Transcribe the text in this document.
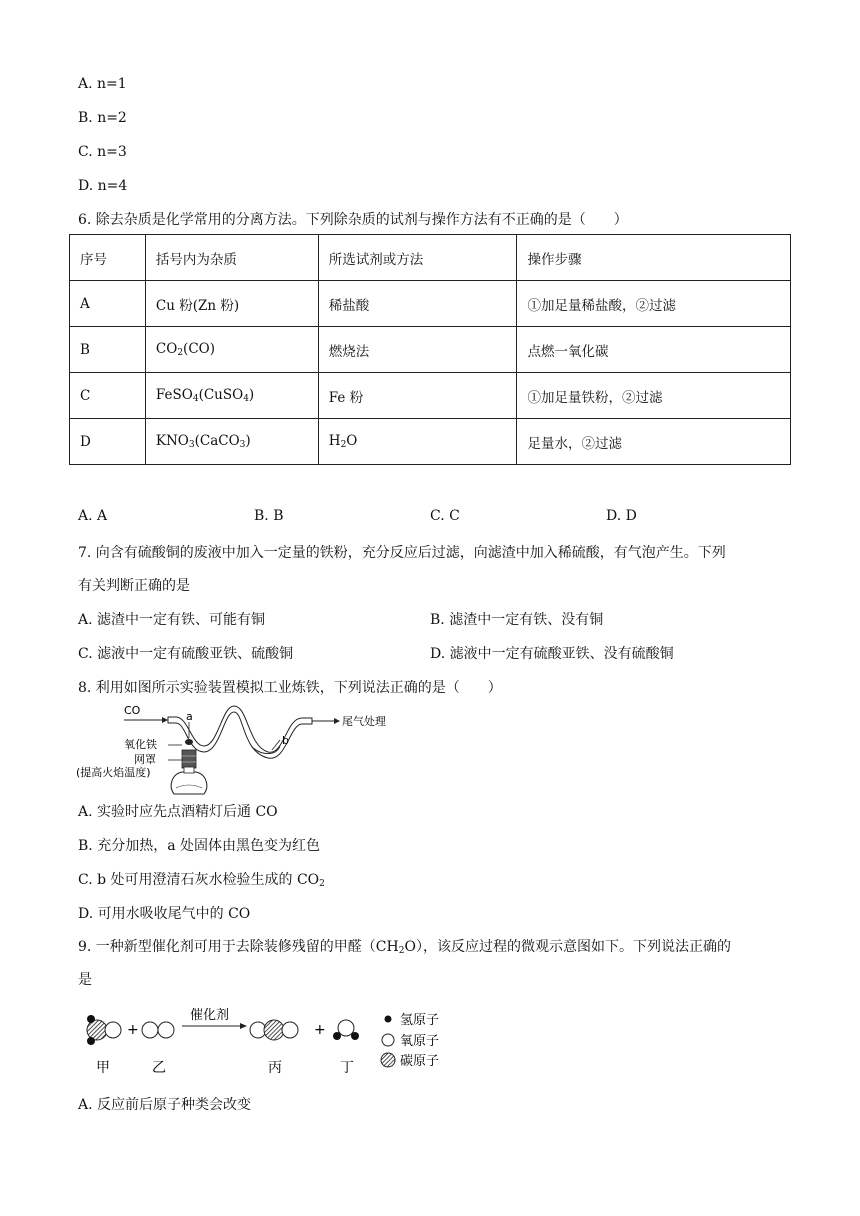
A. n=1
B. n=2
C. n=3
D. n=4
6. 除去杂质是化学常用的分离方法。下列除杂质的试剂与操作方法有不正确的是（　　）
序号	括号内为杂质	所选试剂或方法	操作步骤
A	Cu 粉(Zn 粉)	稀盐酸	①加足量稀盐酸，②过滤
B	$CO_2(CO)$	燃烧法	点燃一氧化碳
C	FeSO$_4$(CuSO$_4$)	Fe 粉	①加足量铁粉，②过滤
D	$KNO_3(CaCO_3)$	$H_2O$	足量水，②过滤
A. A	B. B	C. C	D. D
7. 向含有硫酸铜的废液中加入一定量的铁粉，充分反应后过滤，向滤渣中加入稀硫酸，有气泡产生。下列
有关判断正确的是
A. 滤渣中一定有铁、可能有铜	B. 滤渣中一定有铁、没有铜
C. 滤液中一定有硫酸亚铁、硫酸铜	D. 滤液中一定有硫酸亚铁、没有硫酸铜
8. 利用如图所示实验装置模拟工业炼铁，下列说法正确的是（　　）
CO
尾气处理
a
b
氧化铁
网罩
(提高火焰温度)
A. 实验时应先点酒精灯后通 CO
B. 充分加热，a 处固体由黑色变为红色
C. b 处可用澄清石灰水检验生成的 $CO_2$
D. 可用水吸收尾气中的 CO
9. 一种新型催化剂可用于去除装修残留的甲醛$(CH_2O)$，该反应过程的微观示意图如下。下列说法正确的
是
+
催化剂
+
甲	乙	丙	丁
氢原子
氧原子
碳原子
A. 反应前后原子种类会改变
